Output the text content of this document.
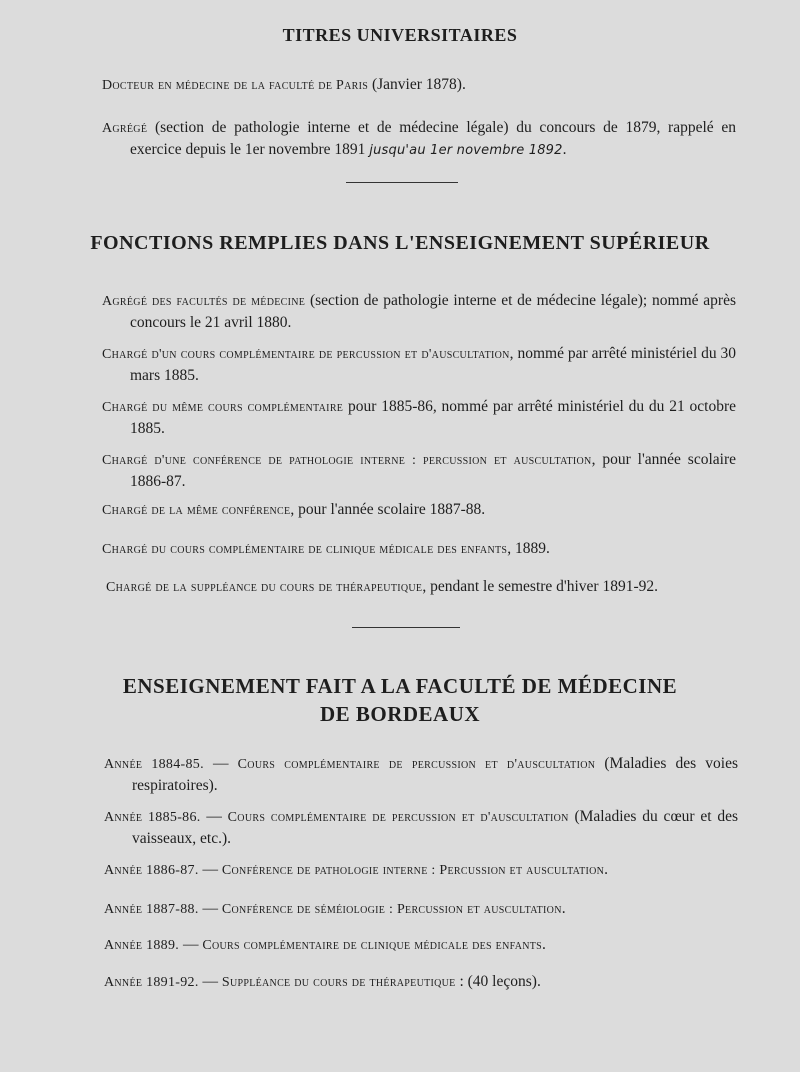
TITRES UNIVERSITAIRES
Docteur en médecine de la faculté de Paris (Janvier 1878).
Agrégé (section de pathologie interne et de médecine légale) du concours de 1879, rappelé en exercice depuis le 1er novembre 1891 jusqu'au 1er novembre 1892.
FONCTIONS REMPLIES DANS L'ENSEIGNEMENT SUPÉRIEUR
Agrégé des facultés de médecine (section de pathologie interne et de médecine légale); nommé après concours le 21 avril 1880.
Chargé d'un cours complémentaire de percussion et d'auscultation, nommé par arrêté ministériel du 30 mars 1885.
Chargé du même cours complémentaire pour 1885-86, nommé par arrêté ministériel du du 21 octobre 1885.
Chargé d'une conférence de pathologie interne : percussion et auscultation, pour l'année scolaire 1886-87.
Chargé de la même conférence, pour l'année scolaire 1887-88.
Chargé du cours complémentaire de clinique médicale des enfants, 1889.
Chargé de la suppléance du cours de thérapeutique, pendant le semestre d'hiver 1891-92.
ENSEIGNEMENT FAIT A LA FACULTÉ DE MÉDECINE
DE BORDEAUX
Année 1884-85. — Cours complémentaire de percussion et d'auscultation (Maladies des voies respiratoires).
Année 1885-86. — Cours complémentaire de percussion et d'auscultation (Maladies du cœur et des vaisseaux, etc.).
Année 1886-87. — Conférence de pathologie interne : Percussion et auscultation.
Année 1887-88. — Conférence de séméiologie : Percussion et auscultation.
Année 1889. — Cours complémentaire de clinique médicale des enfants.
Année 1891-92. — Suppléance du cours de thérapeutique : (40 leçons).
